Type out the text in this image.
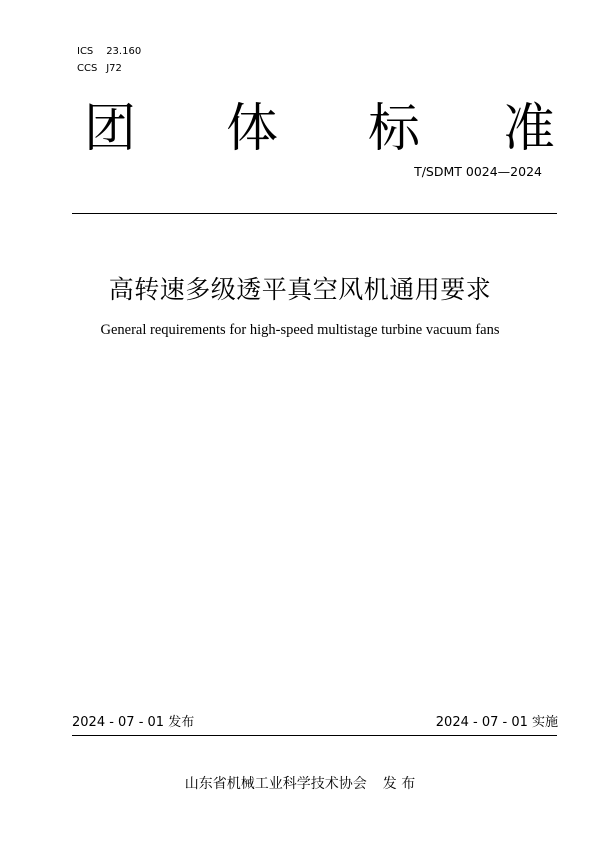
ICS 23.160
CCS J72
团 体 标 准
T/SDMT 0024—2024
高转速多级透平真空风机通用要求
General requirements for high-speed multistage turbine vacuum fans
2024 - 07 - 01 发布	2024 - 07 - 01 实施
山东省机械工业科学技术协会 发 布
